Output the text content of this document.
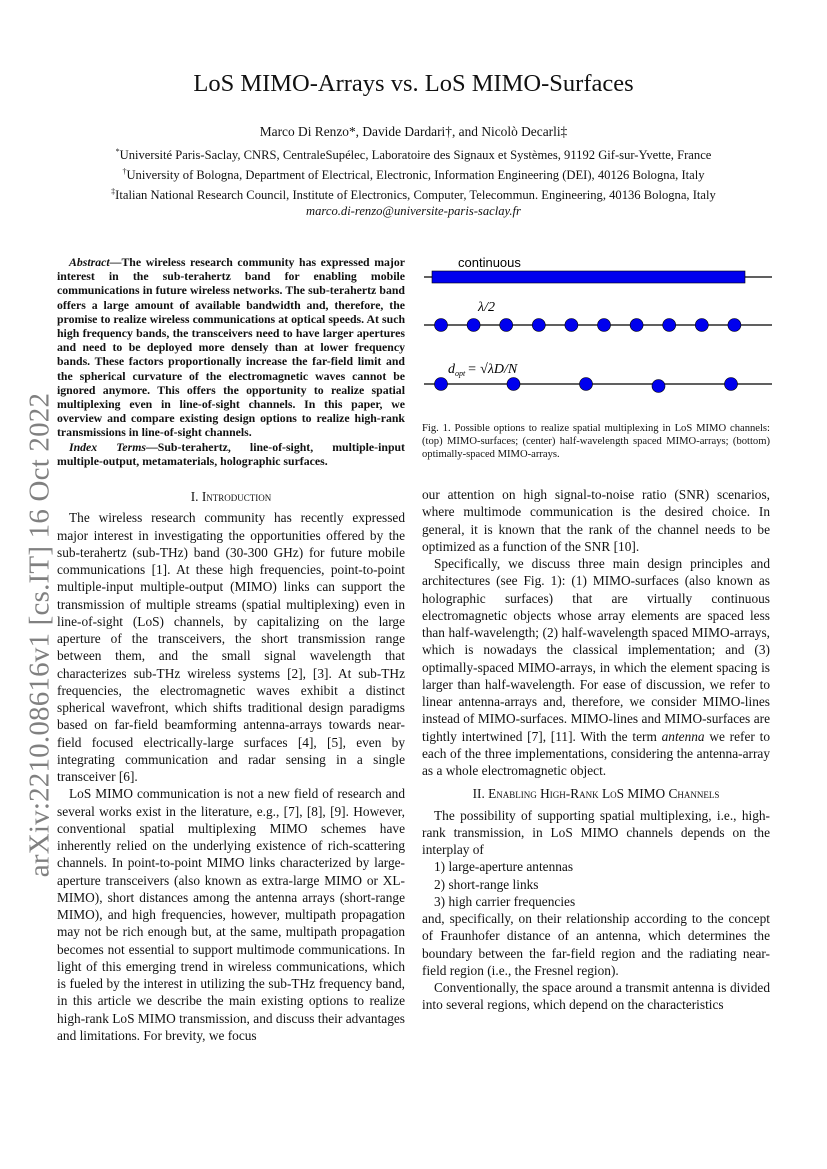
LoS MIMO-Arrays vs. LoS MIMO-Surfaces
Marco Di Renzo*, Davide Dardari†, and Nicolò Decarli‡
*Université Paris-Saclay, CNRS, CentraleSupélec, Laboratoire des Signaux et Systèmes, 91192 Gif-sur-Yvette, France
†University of Bologna, Department of Electrical, Electronic, Information Engineering (DEI), 40126 Bologna, Italy
‡Italian National Research Council, Institute of Electronics, Computer, Telecommun. Engineering, 40136 Bologna, Italy
marco.di-renzo@universite-paris-saclay.fr
arXiv:2210.08616v1 [cs.IT] 16 Oct 2022

Abstract—The wireless research community has expressed major interest in the sub-terahertz band for enabling mobile communications in future wireless networks. The sub-terahertz band offers a large amount of available bandwidth and, therefore, the promise to realize wireless communications at optical speeds. At such high frequency bands, the transceivers need to have larger apertures and need to be deployed more densely than at lower frequency bands. These factors proportionally increase the far-field limit and the spherical curvature of the electromagnetic waves cannot be ignored anymore. This offers the opportunity to realize spatial multiplexing even in line-of-sight channels. In this paper, we overview and compare existing design options to realize high-rank transmissions in line-of-sight channels.

Index Terms—Sub-terahertz, line-of-sight, multiple-input multiple-output, metamaterials, holographic surfaces.

I. Introduction

The wireless research community has recently expressed major interest in investigating the opportunities offered by the sub-terahertz (sub-THz) band (30-300 GHz) for future mobile communications [1]. At these high frequencies, point-to-point multiple-input multiple-output (MIMO) links can support the transmission of multiple streams (spatial multiplexing) even in line-of-sight (LoS) channels, by capitalizing on the large aperture of the transceivers, the short transmission range between them, and the small signal wavelength that characterizes sub-THz wireless systems [2], [3]. At sub-THz frequencies, the electromagnetic waves exhibit a distinct spherical wavefront, which shifts traditional design paradigms based on far-field beamforming antenna-arrays towards near-field focused electrically-large surfaces [4], [5], even by integrating communication and radar sensing in a single transceiver [6].

LoS MIMO communication is not a new field of research and several works exist in the literature, e.g., [7], [8], [9]. However, conventional spatial multiplexing MIMO schemes have inherently relied on the underlying existence of rich-scattering channels. In point-to-point MIMO links characterized by large-aperture transceivers (also known as extra-large MIMO or XL-MIMO), short distances among the antenna arrays (short-range MIMO), and high frequencies, however, multipath propagation may not be rich enough but, at the same, multipath propagation becomes not essential to support multimode communications. In light of this emerging trend in wireless communications, which is fueled by the interest in utilizing the sub-THz frequency band, in this article we describe the main existing options to realize high-rank LoS MIMO transmission, and discuss their advantages and limitations. For brevity, we focus

continuous
λ/2
$d_{opt} = √\lambda D/N$
Fig. 1. Possible options to realize spatial multiplexing in LoS MIMO channels: (top) MIMO-surfaces; (center) half-wavelength spaced MIMO-arrays; (bottom) optimally-spaced MIMO-arrays.

our attention on high signal-to-noise ratio (SNR) scenarios, where multimode communication is the desired choice. In general, it is known that the rank of the channel needs to be optimized as a function of the SNR [10].

Specifically, we discuss three main design principles and architectures (see Fig. 1): (1) MIMO-surfaces (also known as holographic surfaces) that are virtually continuous electromagnetic objects whose array elements are spaced less than half-wavelength; (2) half-wavelength spaced MIMO-arrays, which is nowadays the classical implementation; and (3) optimally-spaced MIMO-arrays, in which the element spacing is larger than half-wavelength. For ease of discussion, we refer to linear antenna-arrays and, therefore, we consider MIMO-lines instead of MIMO-surfaces. MIMO-lines and MIMO-surfaces are tightly intertwined [7], [11]. With the term antenna we refer to each of the three implementations, considering the antenna-array as a whole electromagnetic object.

II. Enabling High-Rank LoS MIMO Channels

The possibility of supporting spatial multiplexing, i.e., high-rank transmission, in LoS MIMO channels depends on the interplay of

1) large-aperture antennas
2) short-range links
3) high carrier frequencies

and, specifically, on their relationship according to the concept of Fraunhofer distance of an antenna, which determines the boundary between the far-field region and the radiating near-field region (i.e., the Fresnel region).

Conventionally, the space around a transmit antenna is divided into several regions, which depend on the characteristics
